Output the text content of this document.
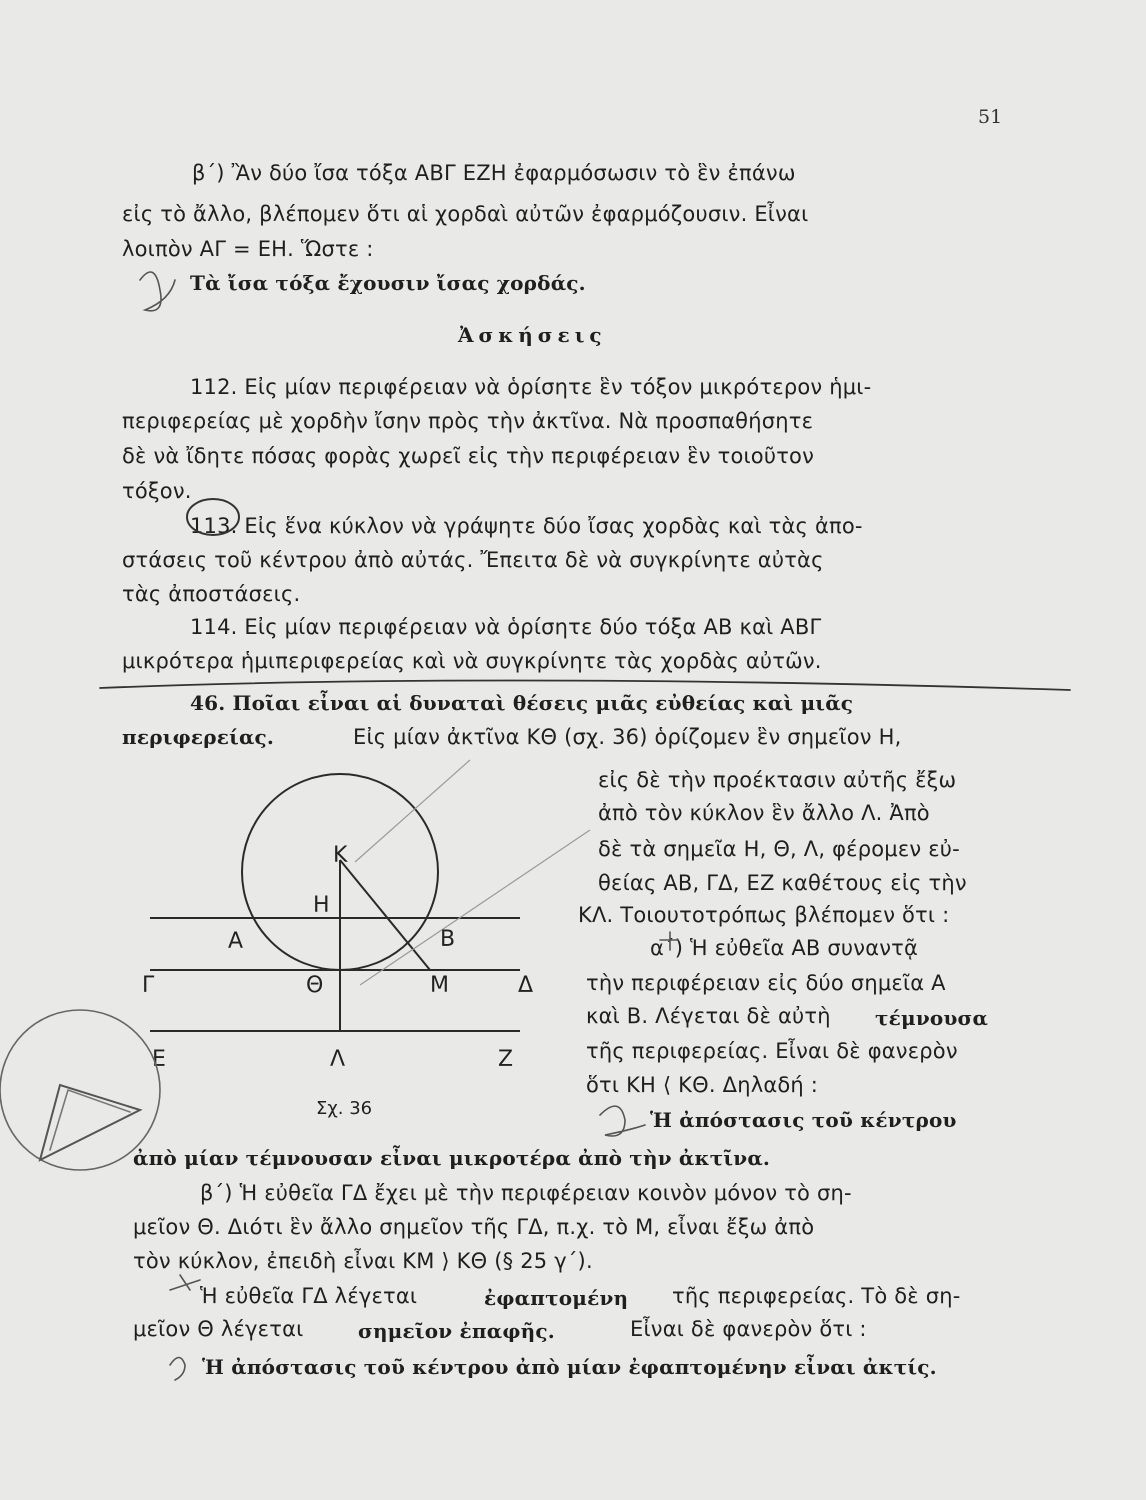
51
β΄) Ἂν δύο ἴσα τόξα ΑΒΓ ΕΖΗ ἐφαρμόσωσιν τὸ ἓν ἐπάνω
εἰς τὸ ἄλλο, βλέπομεν ὅτι αἱ χορδαὶ αὐτῶν ἐφαρμόζουσιν. Εἶναι
λοιπὸν ΑΓ = ΕΗ. Ὥστε :
Τὰ ἴσα τόξα ἔχουσιν ἴσας χορδάς.
Ἀσκήσεις
112. Εἰς μίαν περιφέρειαν νὰ ὁρίσητε ἓν τόξον μικρότερον ἡμι-
περιφερείας μὲ χορδὴν ἴσην πρὸς τὴν ἀκτῖνα. Νὰ προσπαθήσητε
δὲ νὰ ἴδητε πόσας φορὰς χωρεῖ εἰς τὴν περιφέρειαν ἓν τοιοῦτον
τόξον.
113. Εἰς ἕνα κύκλον νὰ γράψητε δύο ἴσας χορδὰς καὶ τὰς ἀπο-
στάσεις τοῦ κέντρου ἀπὸ αὐτάς. Ἔπειτα δὲ νὰ συγκρίνητε αὐτὰς
τὰς ἀποστάσεις.
114. Εἰς μίαν περιφέρειαν νὰ ὁρίσητε δύο τόξα ΑΒ καὶ ΑΒΓ
μικρότερα ἡμιπεριφερείας καὶ νὰ συγκρίνητε τὰς χορδὰς αὐτῶν.
46. Ποῖαι εἶναι αἱ δυναταὶ θέσεις μιᾶς εὐθείας καὶ μιᾶς
περιφερείας.	Εἰς μίαν ἀκτῖνα ΚΘ (σχ. 36) ὁρίζομεν ἓν σημεῖον Η,
εἰς δὲ τὴν προέκτασιν αὐτῆς ἔξω
ἀπὸ τὸν κύκλον ἓν ἄλλο Λ. Ἀπὸ
δὲ τὰ σημεῖα Η, Θ, Λ, φέρομεν εὐ-
θείας ΑΒ, ΓΔ, ΕΖ καθέτους εἰς τὴν
ΚΛ. Τοιουτοτρόπως βλέπομεν ὅτι :
α΄) Ἡ εὐθεῖα ΑΒ συναντᾷ
τὴν περιφέρειαν εἰς δύο σημεῖα Α
καὶ Β. Λέγεται δὲ αὐτὴ τέμνουσα
τῆς περιφερείας. Εἶναι δὲ φανερὸν
ὅτι ΚΗ ⟨ ΚΘ. Δηλαδή :
Ἡ ἀπόστασις τοῦ κέντρου
ἀπὸ μίαν τέμνουσαν εἶναι μικροτέρα ἀπὸ τὴν ἀκτῖνα.
β΄) Ἡ εὐθεῖα ΓΔ ἔχει μὲ τὴν περιφέρειαν κοινὸν μόνον τὸ ση-
μεῖον Θ. Διότι ἓν ἄλλο σημεῖον τῆς ΓΔ, π.χ. τὸ Μ, εἶναι ἔξω ἀπὸ
τὸν κύκλον, ἐπειδὴ εἶναι ΚΜ ⟩ ΚΘ (§ 25 γ΄).
Ἡ εὐθεῖα ΓΔ λέγεται	ἐφαπτομένη τῆς περιφερείας. Τὸ δὲ ση-
μεῖον Θ λέγεται	σημεῖον ἐπαφῆς.	Εἶναι δὲ φανερὸν ὅτι :
Ἡ ἀπόστασις τοῦ κέντρου ἀπὸ μίαν ἐφαπτομένην εἶναι ἀκτίς.
Κ
Η
Α	Β
Γ	Θ	Μ	Δ
Ε	Λ	Ζ
Σχ. 36
